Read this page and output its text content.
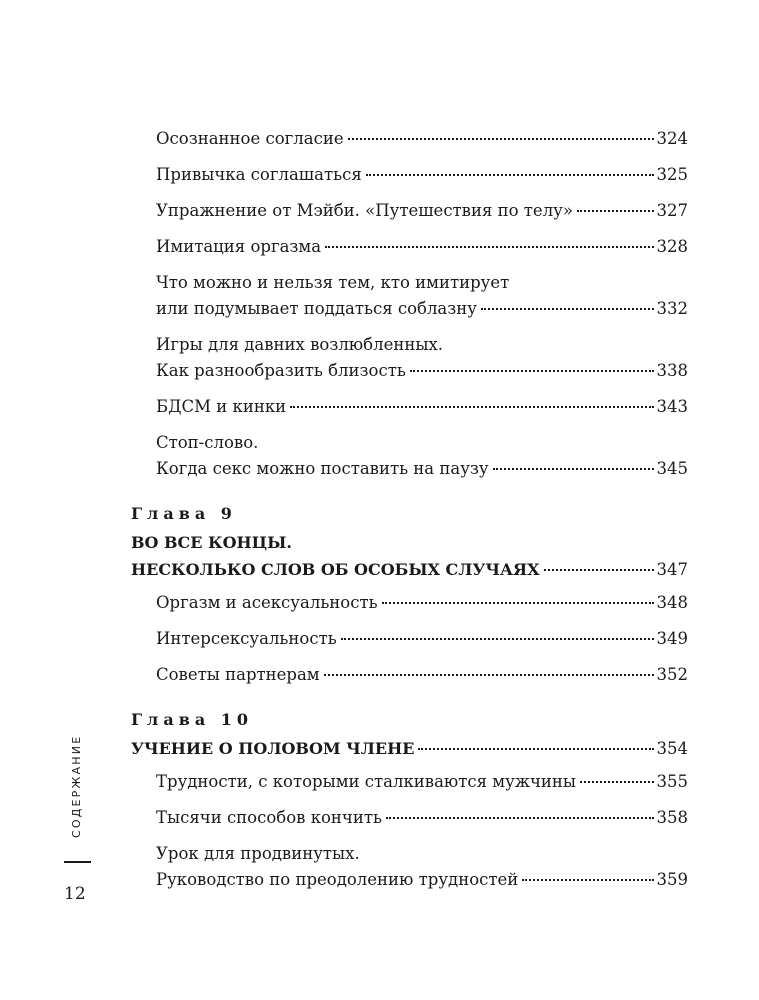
Осознанное согласие	324
Привычка соглашаться	325
Упражнение от Мэйби. «Путешествия по телу»	327
Имитация оргазма	328
Что можно и нельзя тем, кто имитирует
или подумывает поддаться соблазну	332
Игры для давних возлюбленных.
Как разнообразить близость	338
БДСМ и кинки	343
Стоп-слово.
Когда секс можно поставить на паузу	345
Глава 9
ВО ВСЕ КОНЦЫ.
НЕСКОЛЬКО СЛОВ ОБ ОСОБЫХ СЛУЧАЯХ	347
Оргазм и асексуальность	348
Интерсексуальность	349
Советы партнерам	352
Глава 10
УЧЕНИЕ О ПОЛОВОМ ЧЛЕНЕ	354
Трудности, с которыми сталкиваются мужчины	355
Тысячи способов кончить	358
Урок для продвинутых.
Руководство по преодолению трудностей	359
СОДЕРЖАНИЕ
12
